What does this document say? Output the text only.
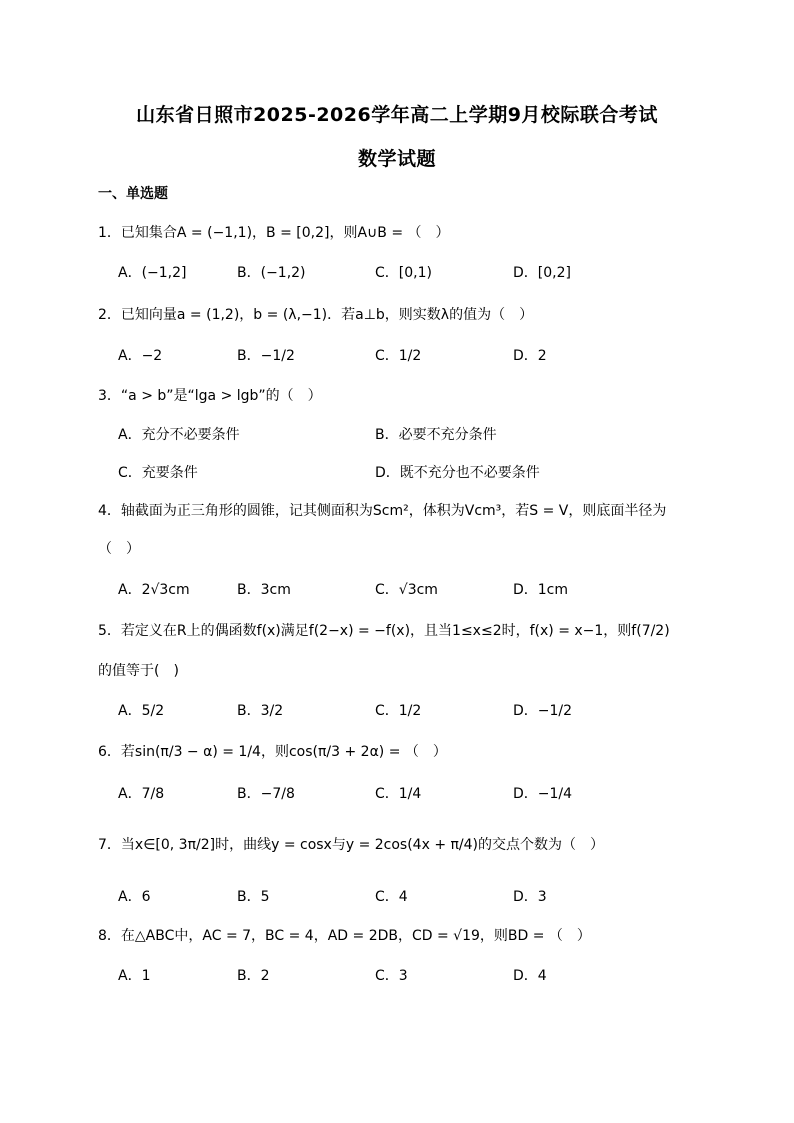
山东省日照市2025-2026学年高二上学期9月校际联合考试
数学试题
一、单选题
1．已知集合A = (−1,1)，B = [0,2]，则A∪B = （　）
A．(−1,2]	B．(−1,2)	C．[0,1)	D．[0,2]
2．已知向量a = (1,2)，b = (λ,−1)．若a⊥b，则实数λ的值为（　）
A．−2	B．−1/2	C．1/2	D．2
3．“a > b”是“lga > lgb”的（　）
A．充分不必要条件	B．必要不充分条件
C．充要条件	D．既不充分也不必要条件
4．轴截面为正三角形的圆锥，记其侧面积为Scm²，体积为Vcm³，若S = V，则底面半径为
（　）
A．2√3cm	B．3cm	C．√3cm	D．1cm
5．若定义在R上的偶函数f(x)满足f(2−x) = −f(x)，且当1≤x≤2时，f(x) = x−1，则f(7/2)
的值等于(　)
A．5/2	B．3/2	C．1/2	D．−1/2
6．若sin(π/3 − α) = 1/4，则cos(π/3 + 2α) = （　）
A．7/8	B．−7/8	C．1/4	D．−1/4
7．当x∈[0, 3π/2]时，曲线y = cosx与y = 2cos(4x + π/4)的交点个数为（　）
A．6	B．5	C．4	D．3
8．在△ABC中，AC = 7，BC = 4，AD = 2DB，CD = √19，则BD = （　）
A．1	B．2	C．3	D．4
